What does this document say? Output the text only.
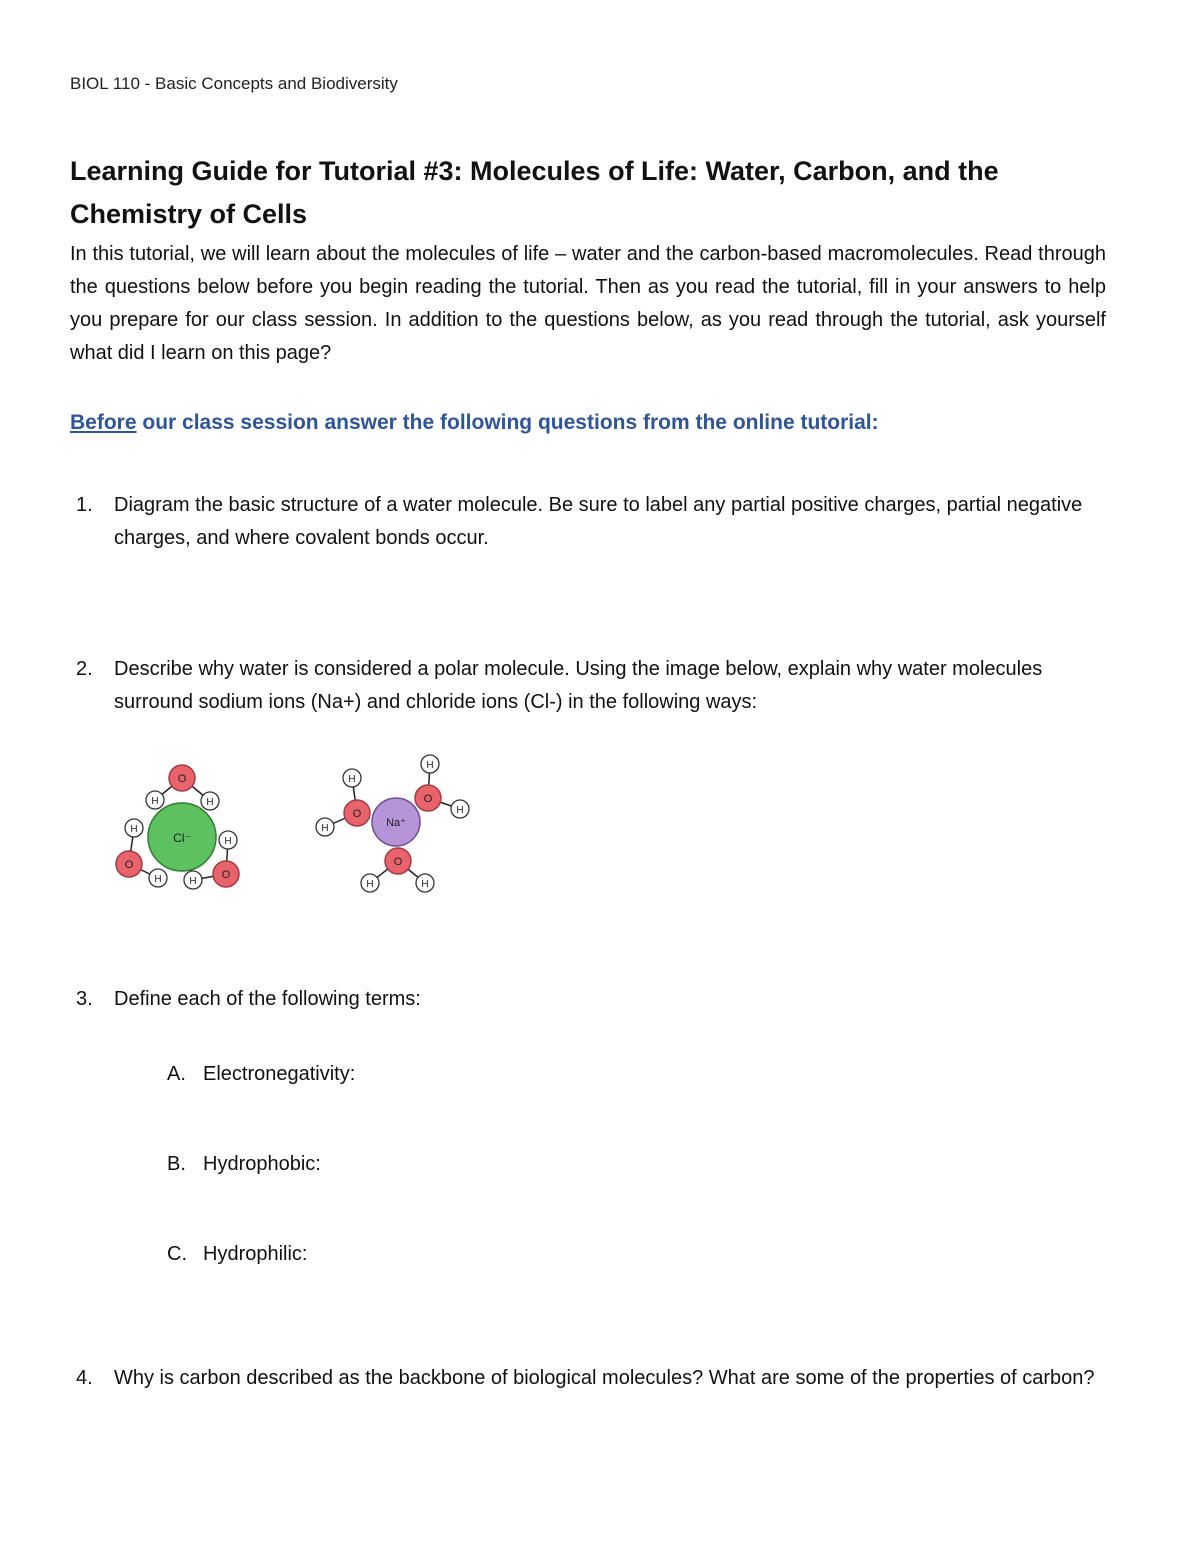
BIOL 110 - Basic Concepts and Biodiversity
Learning Guide for Tutorial #3: Molecules of Life: Water, Carbon, and the
Chemistry of Cells
In this tutorial, we will learn about the molecules of life – water and the carbon-based macromolecules. Read through the questions below before you begin reading the tutorial. Then as you read the tutorial, fill in your answers to help you prepare for our class session. In addition to the questions below, as you read through the tutorial, ask yourself what did I learn on this page?
Before our class session answer the following questions from the online tutorial:
1. Diagram the basic structure of a water molecule. Be sure to label any partial positive charges, partial negative charges, and where covalent bonds occur.
2. Describe why water is considered a polar molecule. Using the image below, explain why water molecules surround sodium ions (Na+) and chloride ions (Cl-) in the following ways:
Cl⁻
Na⁺
O
O
O
O
O
O
H	H
H
H
H
H
H
H
H
H
H	H
3. Define each of the following terms:
A. Electronegativity:
B. Hydrophobic:
C. Hydrophilic:
4. Why is carbon described as the backbone of biological molecules? What are some of the properties of carbon?
